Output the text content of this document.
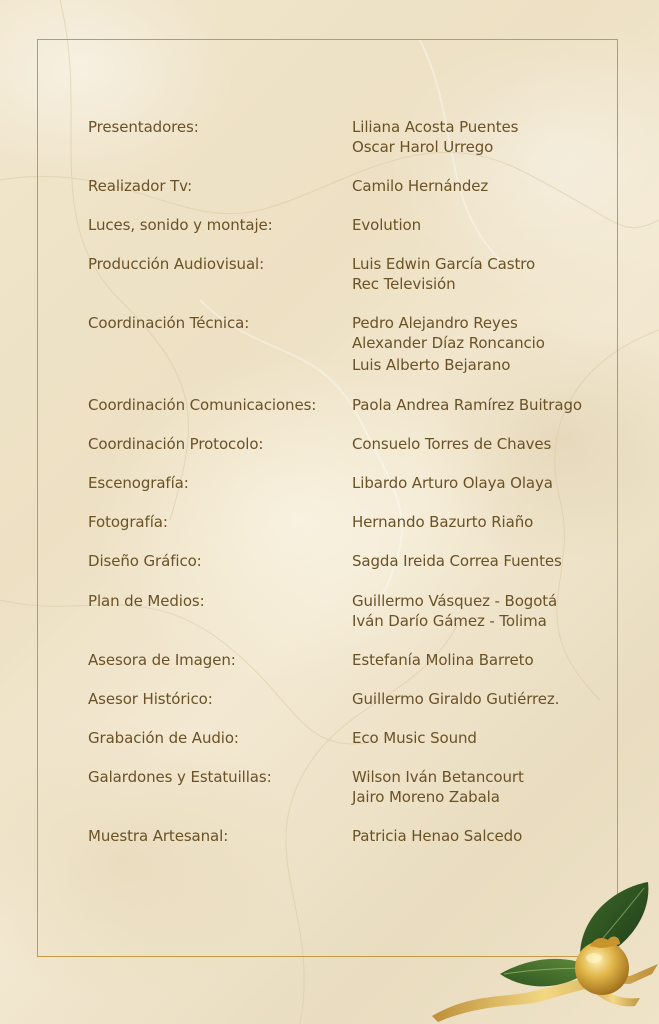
Presentadores:	Liliana Acosta Puentes
Oscar Harol Urrego
Realizador Tv:	Camilo Hernández
Luces, sonido y montaje:	Evolution
Producción Audiovisual:	Luis Edwin García Castro
Rec Televisión
Coordinación Técnica:	Pedro Alejandro Reyes
Alexander Díaz Roncancio
Luis Alberto Bejarano
Coordinación Comunicaciones:	Paola Andrea Ramírez Buitrago
Coordinación Protocolo:	Consuelo Torres de Chaves
Escenografía:	Libardo Arturo Olaya Olaya
Fotografía:	Hernando Bazurto Riaño
Diseño Gráfico:	Sagda Ireida Correa Fuentes
Plan de Medios:	Guillermo Vásquez - Bogotá
Iván Darío Gámez - Tolima
Asesora de Imagen:	Estefanía Molina Barreto
Asesor Histórico:	Guillermo Giraldo Gutiérrez.
Grabación de Audio:	Eco Music Sound
Galardones y Estatuillas:	Wilson Iván Betancourt
Jairo Moreno Zabala
Muestra Artesanal:	Patricia Henao Salcedo
